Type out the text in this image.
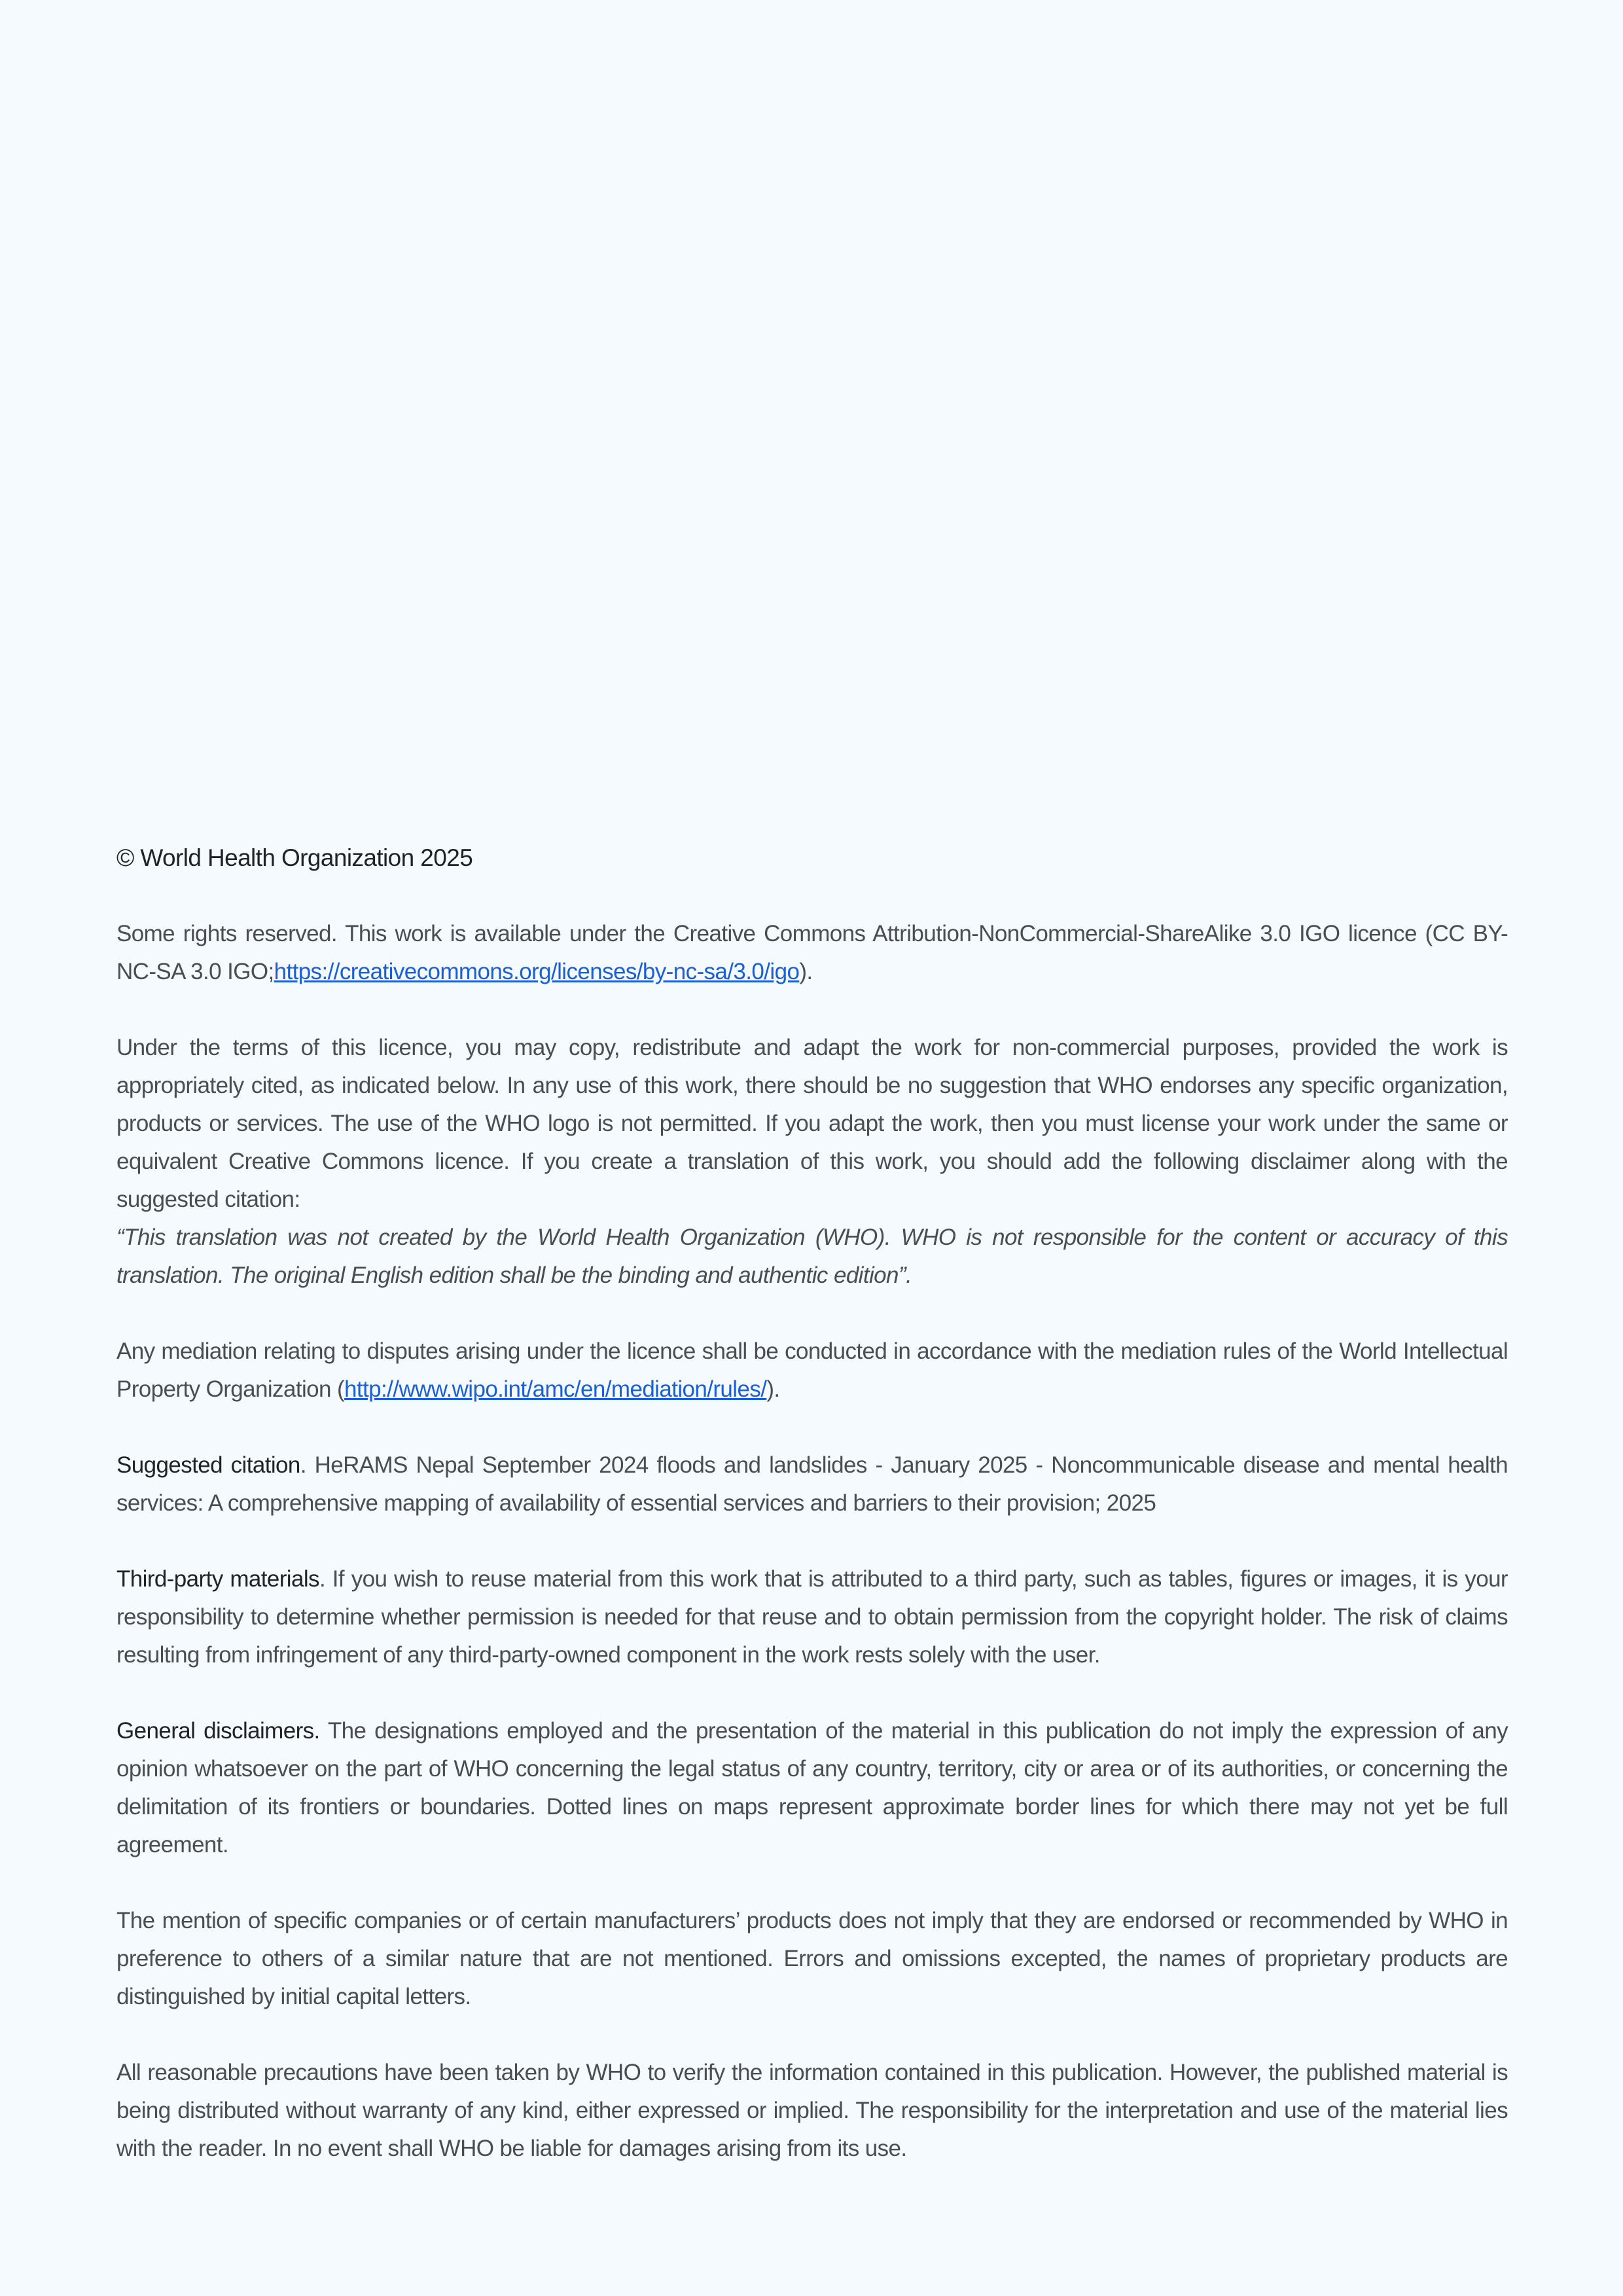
© World Health Organization 2025

Some rights reserved. This work is available under the Creative Commons Attribution-NonCommercial-ShareAlike 3.0 IGO licence (CC BY-NC-SA 3.0 IGO;https://creativecommons.org/licenses/by-nc-sa/3.0/igo).

Under the terms of this licence, you may copy, redistribute and adapt the work for non-commercial purposes, provided the work is appropriately cited, as indicated below. In any use of this work, there should be no suggestion that WHO endorses any specific organization, products or services. The use of the WHO logo is not permitted. If you adapt the work, then you must license your work under the same or equivalent Creative Commons licence. If you create a translation of this work, you should add the following disclaimer along with the suggested citation:

“This translation was not created by the World Health Organization (WHO). WHO is not responsible for the content or accuracy of this translation. The original English edition shall be the binding and authentic edition”.

Any mediation relating to disputes arising under the licence shall be conducted in accordance with the mediation rules of the World Intellectual Property Organization (http://www.wipo.int/amc/en/mediation/rules/).

Suggested citation. HeRAMS Nepal September 2024 floods and landslides - January 2025 - Noncommunicable disease and mental health services: A comprehensive mapping of availability of essential services and barriers to their provision; 2025

Third-party materials. If you wish to reuse material from this work that is attributed to a third party, such as tables, figures or images, it is your responsibility to determine whether permission is needed for that reuse and to obtain permission from the copyright holder. The risk of claims resulting from infringement of any third-party-owned component in the work rests solely with the user.

General disclaimers. The designations employed and the presentation of the material in this publication do not imply the expression of any opinion whatsoever on the part of WHO concerning the legal status of any country, territory, city or area or of its authorities, or concerning the delimitation of its frontiers or boundaries. Dotted lines on maps represent approximate border lines for which there may not yet be full agreement.

The mention of specific companies or of certain manufacturers’ products does not imply that they are endorsed or recommended by WHO in preference to others of a similar nature that are not mentioned. Errors and omissions excepted, the names of proprietary products are distinguished by initial capital letters.

All reasonable precautions have been taken by WHO to verify the information contained in this publication. However, the published material is being distributed without warranty of any kind, either expressed or implied. The responsibility for the interpretation and use of the material lies with the reader. In no event shall WHO be liable for damages arising from its use.
